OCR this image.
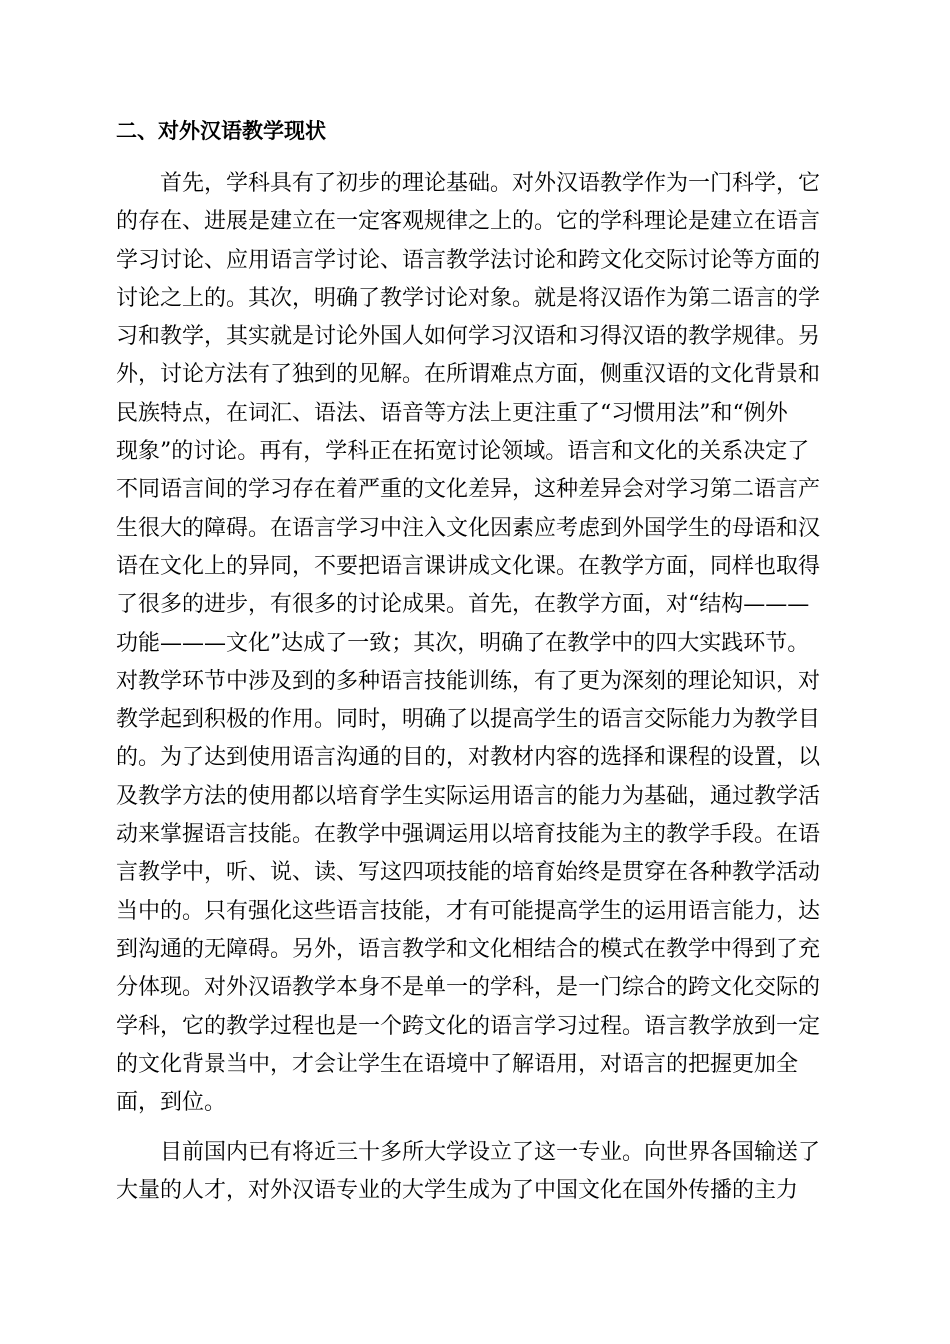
二、对外汉语教学现状
首先，学科具有了初步的理论基础。对外汉语教学作为一门科学，它
的存在、进展是建立在一定客观规律之上的。它的学科理论是建立在语言
学习讨论、应用语言学讨论、语言教学法讨论和跨文化交际讨论等方面的
讨论之上的。其次，明确了教学讨论对象。就是将汉语作为第二语言的学
习和教学，其实就是讨论外国人如何学习汉语和习得汉语的教学规律。另
外，讨论方法有了独到的见解。在所谓难点方面，侧重汉语的文化背景和
民族特点，在词汇、语法、语音等方法上更注重了“习惯用法”和“例外
现象”的讨论。再有，学科正在拓宽讨论领域。语言和文化的关系决定了
不同语言间的学习存在着严重的文化差异，这种差异会对学习第二语言产
生很大的障碍。在语言学习中注入文化因素应考虑到外国学生的母语和汉
语在文化上的异同，不要把语言课讲成文化课。在教学方面，同样也取得
了很多的进步，有很多的讨论成果。首先，在教学方面，对“结构———
功能———文化”达成了一致；其次，明确了在教学中的四大实践环节。
对教学环节中涉及到的多种语言技能训练，有了更为深刻的理论知识，对
教学起到积极的作用。同时，明确了以提高学生的语言交际能力为教学目
的。为了达到使用语言沟通的目的，对教材内容的选择和课程的设置，以
及教学方法的使用都以培育学生实际运用语言的能力为基础，通过教学活
动来掌握语言技能。在教学中强调运用以培育技能为主的教学手段。在语
言教学中，听、说、读、写这四项技能的培育始终是贯穿在各种教学活动
当中的。只有强化这些语言技能，才有可能提高学生的运用语言能力，达
到沟通的无障碍。另外，语言教学和文化相结合的模式在教学中得到了充
分体现。对外汉语教学本身不是单一的学科，是一门综合的跨文化交际的
学科，它的教学过程也是一个跨文化的语言学习过程。语言教学放到一定
的文化背景当中，才会让学生在语境中了解语用，对语言的把握更加全
面，到位。
目前国内已有将近三十多所大学设立了这一专业。向世界各国输送了
大量的人才，对外汉语专业的大学生成为了中国文化在国外传播的主力
